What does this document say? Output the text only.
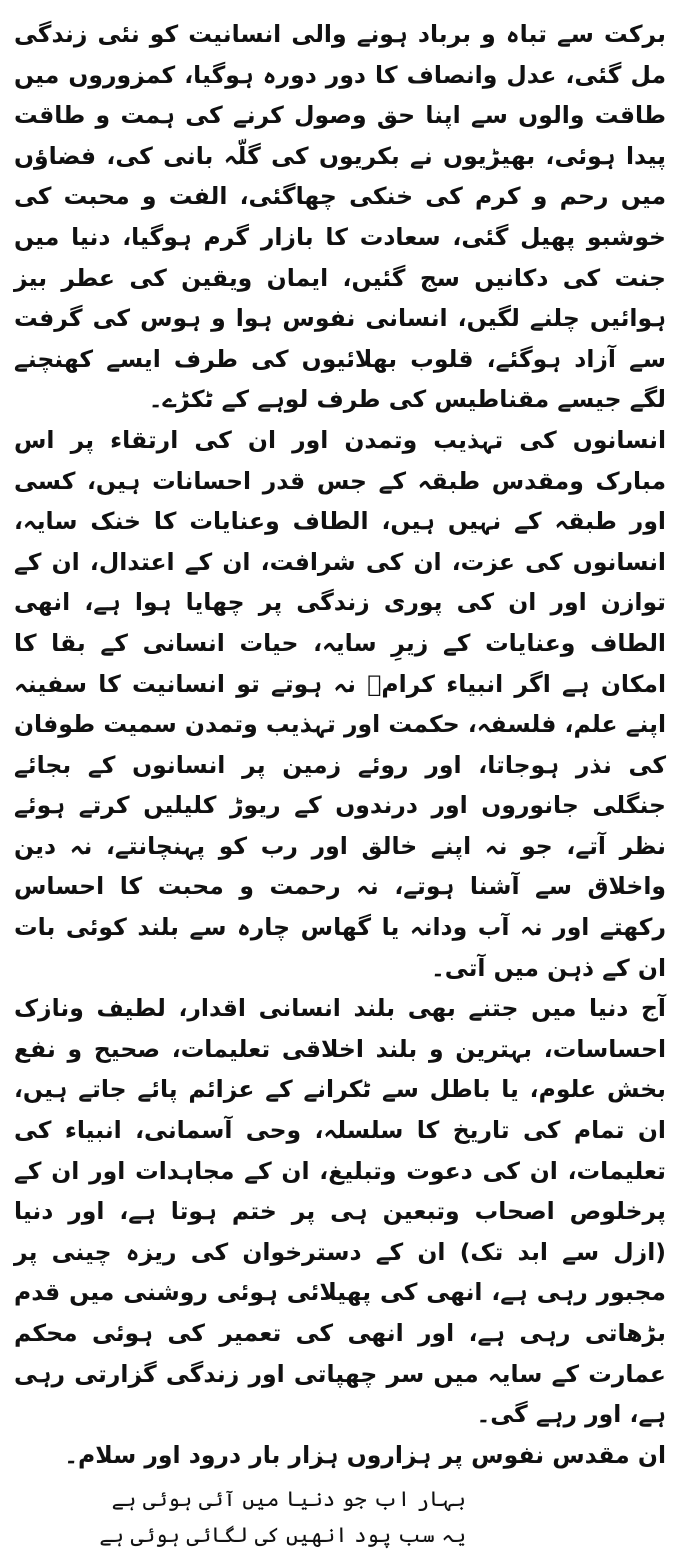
برکت سے تباہ و برباد ہونے والی انسانیت کو نئی زندگی مل گئی، عدل وانصاف کا دور دورہ ہوگیا، کمزوروں میں طاقت والوں سے اپنا حق وصول کرنے کی ہمت و طاقت پیدا ہوئی، بھیڑیوں نے بکریوں کی گلّہ بانی کی، فضاؤں میں رحم و کرم کی خنکی چھاگئی، الفت و محبت کی خوشبو پھیل گئی، سعادت کا بازار گرم ہوگیا، دنیا میں جنت کی دکانیں سج گئیں، ایمان ویقین کی عطر بیز ہوائیں چلنے لگیں، انسانی نفوس ہوا و ہوس کی گرفت سے آزاد ہوگئے، قلوب بھلائیوں کی طرف ایسے کھنچنے لگے جیسے مقناطیس کی طرف لوہے کے ٹکڑے۔

انسانوں کی تہذیب وتمدن اور ان کی ارتقاء پر اس مبارک ومقدس طبقہ کے جس قدر احسانات ہیں، کسی اور طبقہ کے نہیں ہیں، الطاف وعنایات کا خنک سایہ، انسانوں کی عزت، ان کی شرافت، ان کے اعتدال، ان کے توازن اور ان کی پوری زندگی پر چھایا ہوا ہے، انھی الطاف وعنایات کے زیرِ سایہ، حیات انسانی کے بقا کا امکان ہے اگر انبیاء کرامؑ نہ ہوتے تو انسانیت کا سفینہ اپنے علم، فلسفہ، حکمت اور تہذیب وتمدن سمیت طوفان کی نذر ہوجاتا، اور روئے زمین پر انسانوں کے بجائے جنگلی جانوروں اور درندوں کے ریوڑ کلیلیں کرتے ہوئے نظر آتے، جو نہ اپنے خالق اور رب کو پہنچانتے، نہ دین واخلاق سے آشنا ہوتے، نہ رحمت و محبت کا احساس رکھتے اور نہ آب ودانہ یا گھاس چارہ سے بلند کوئی بات ان کے ذہن میں آتی۔

آج دنیا میں جتنے بھی بلند انسانی اقدار، لطیف ونازک احساسات، بہترین و بلند اخلاقی تعلیمات، صحیح و نفع بخش علوم، یا باطل سے ٹکرانے کے عزائم پائے جاتے ہیں، ان تمام کی تاریخ کا سلسلہ، وحی آسمانی، انبیاء کی تعلیمات، ان کی دعوت وتبلیغ، ان کے مجاہدات اور ان کے پرخلوص اصحاب وتبعین ہی پر ختم ہوتا ہے، اور دنیا (ازل سے ابد تک) ان کے دسترخوان کی ریزہ چینی پر مجبور رہی ہے، انھی کی پھیلائی ہوئی روشنی میں قدم بڑھاتی رہی ہے، اور انھی کی تعمیر کی ہوئی محکم عمارت کے سایہ میں سر چھپاتی اور زندگی گزارتی رہی ہے، اور رہے گی۔

ان مقدس نفوس پر ہزاروں ہزار بار درود اور سلام۔

بہار اب جو دنیا میں آئی ہوئی ہے
یہ سب پود انھیں کی لگائی ہوئی ہے
